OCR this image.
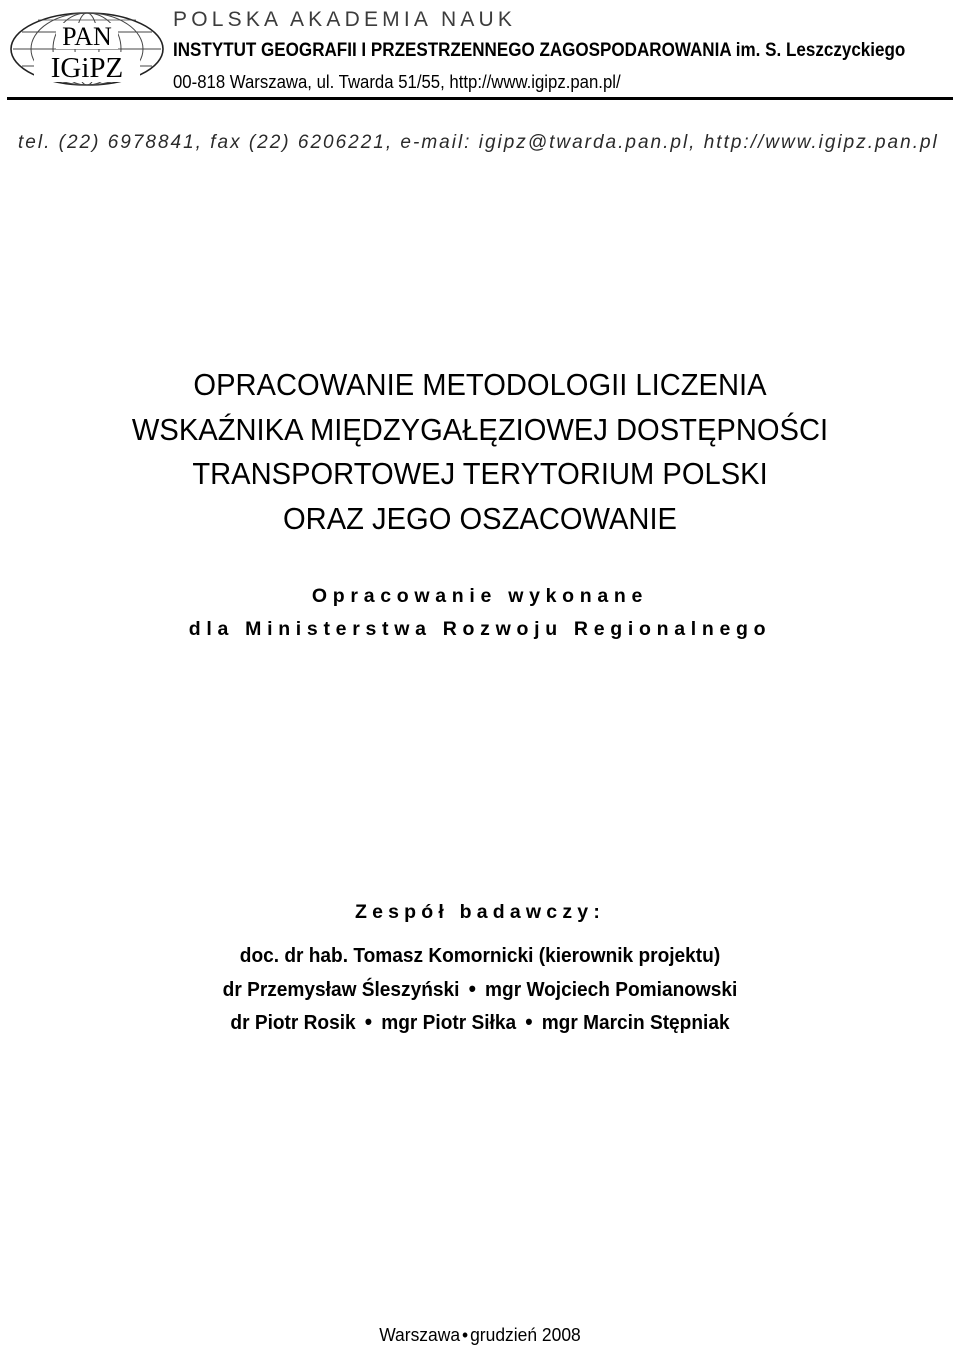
PAN
IGiPZ
POLSKA AKADEMIA NAUK
INSTYTUT GEOGRAFII I PRZESTRZENNEGO ZAGOSPODAROWANIA im. S. Leszczyckiego
00-818 Warszawa, ul. Twarda 51/55, http://www.igipz.pan.pl/
tel. (22) 6978841, fax (22) 6206221, e-mail: igipz@twarda.pan.pl, http://www.igipz.pan.pl
OPRACOWANIE METODOLOGII LICZENIA
WSKAŹNIKA MIĘDZYGAŁĘZIOWEJ DOSTĘPNOŚCI
TRANSPORTOWEJ TERYTORIUM POLSKI
ORAZ JEGO OSZACOWANIE
Opracowanie wykonane
dla Ministerstwa Rozwoju Regionalnego
Zespół badawczy:
doc. dr hab. Tomasz Komornicki (kierownik projektu)
dr Przemysław Śleszyński • mgr Wojciech Pomianowski
dr Piotr Rosik • mgr Piotr Siłka • mgr Marcin Stępniak
Warszawa • grudzień 2008
